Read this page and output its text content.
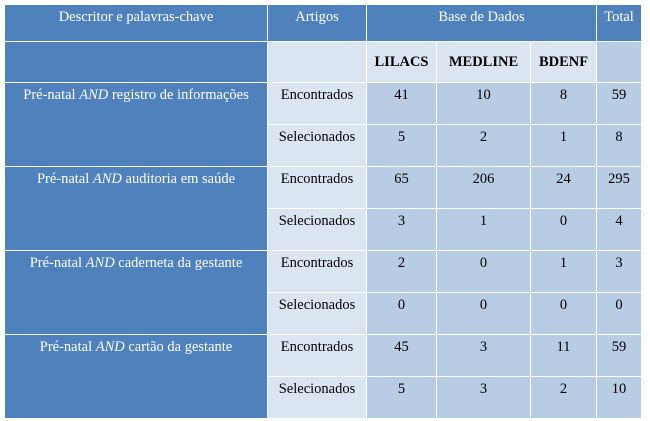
Descritor e palavras-chave	Artigos	Base de Dados			Total
		LILACS	MEDLINE	BDENF	
Pré-natal AND registro de informações	Encontrados	41	10	8	59
	Selecionados	5	2	1	8
Pré-natal AND auditoria em saúde	Encontrados	65	206	24	295
	Selecionados	3	1	0	4
Pré-natal AND caderneta da gestante	Encontrados	2	0	1	3
	Selecionados	0	0	0	0
Pré-natal AND cartão da gestante	Encontrados	45	3	11	59
	Selecionados	5	3	2	10
